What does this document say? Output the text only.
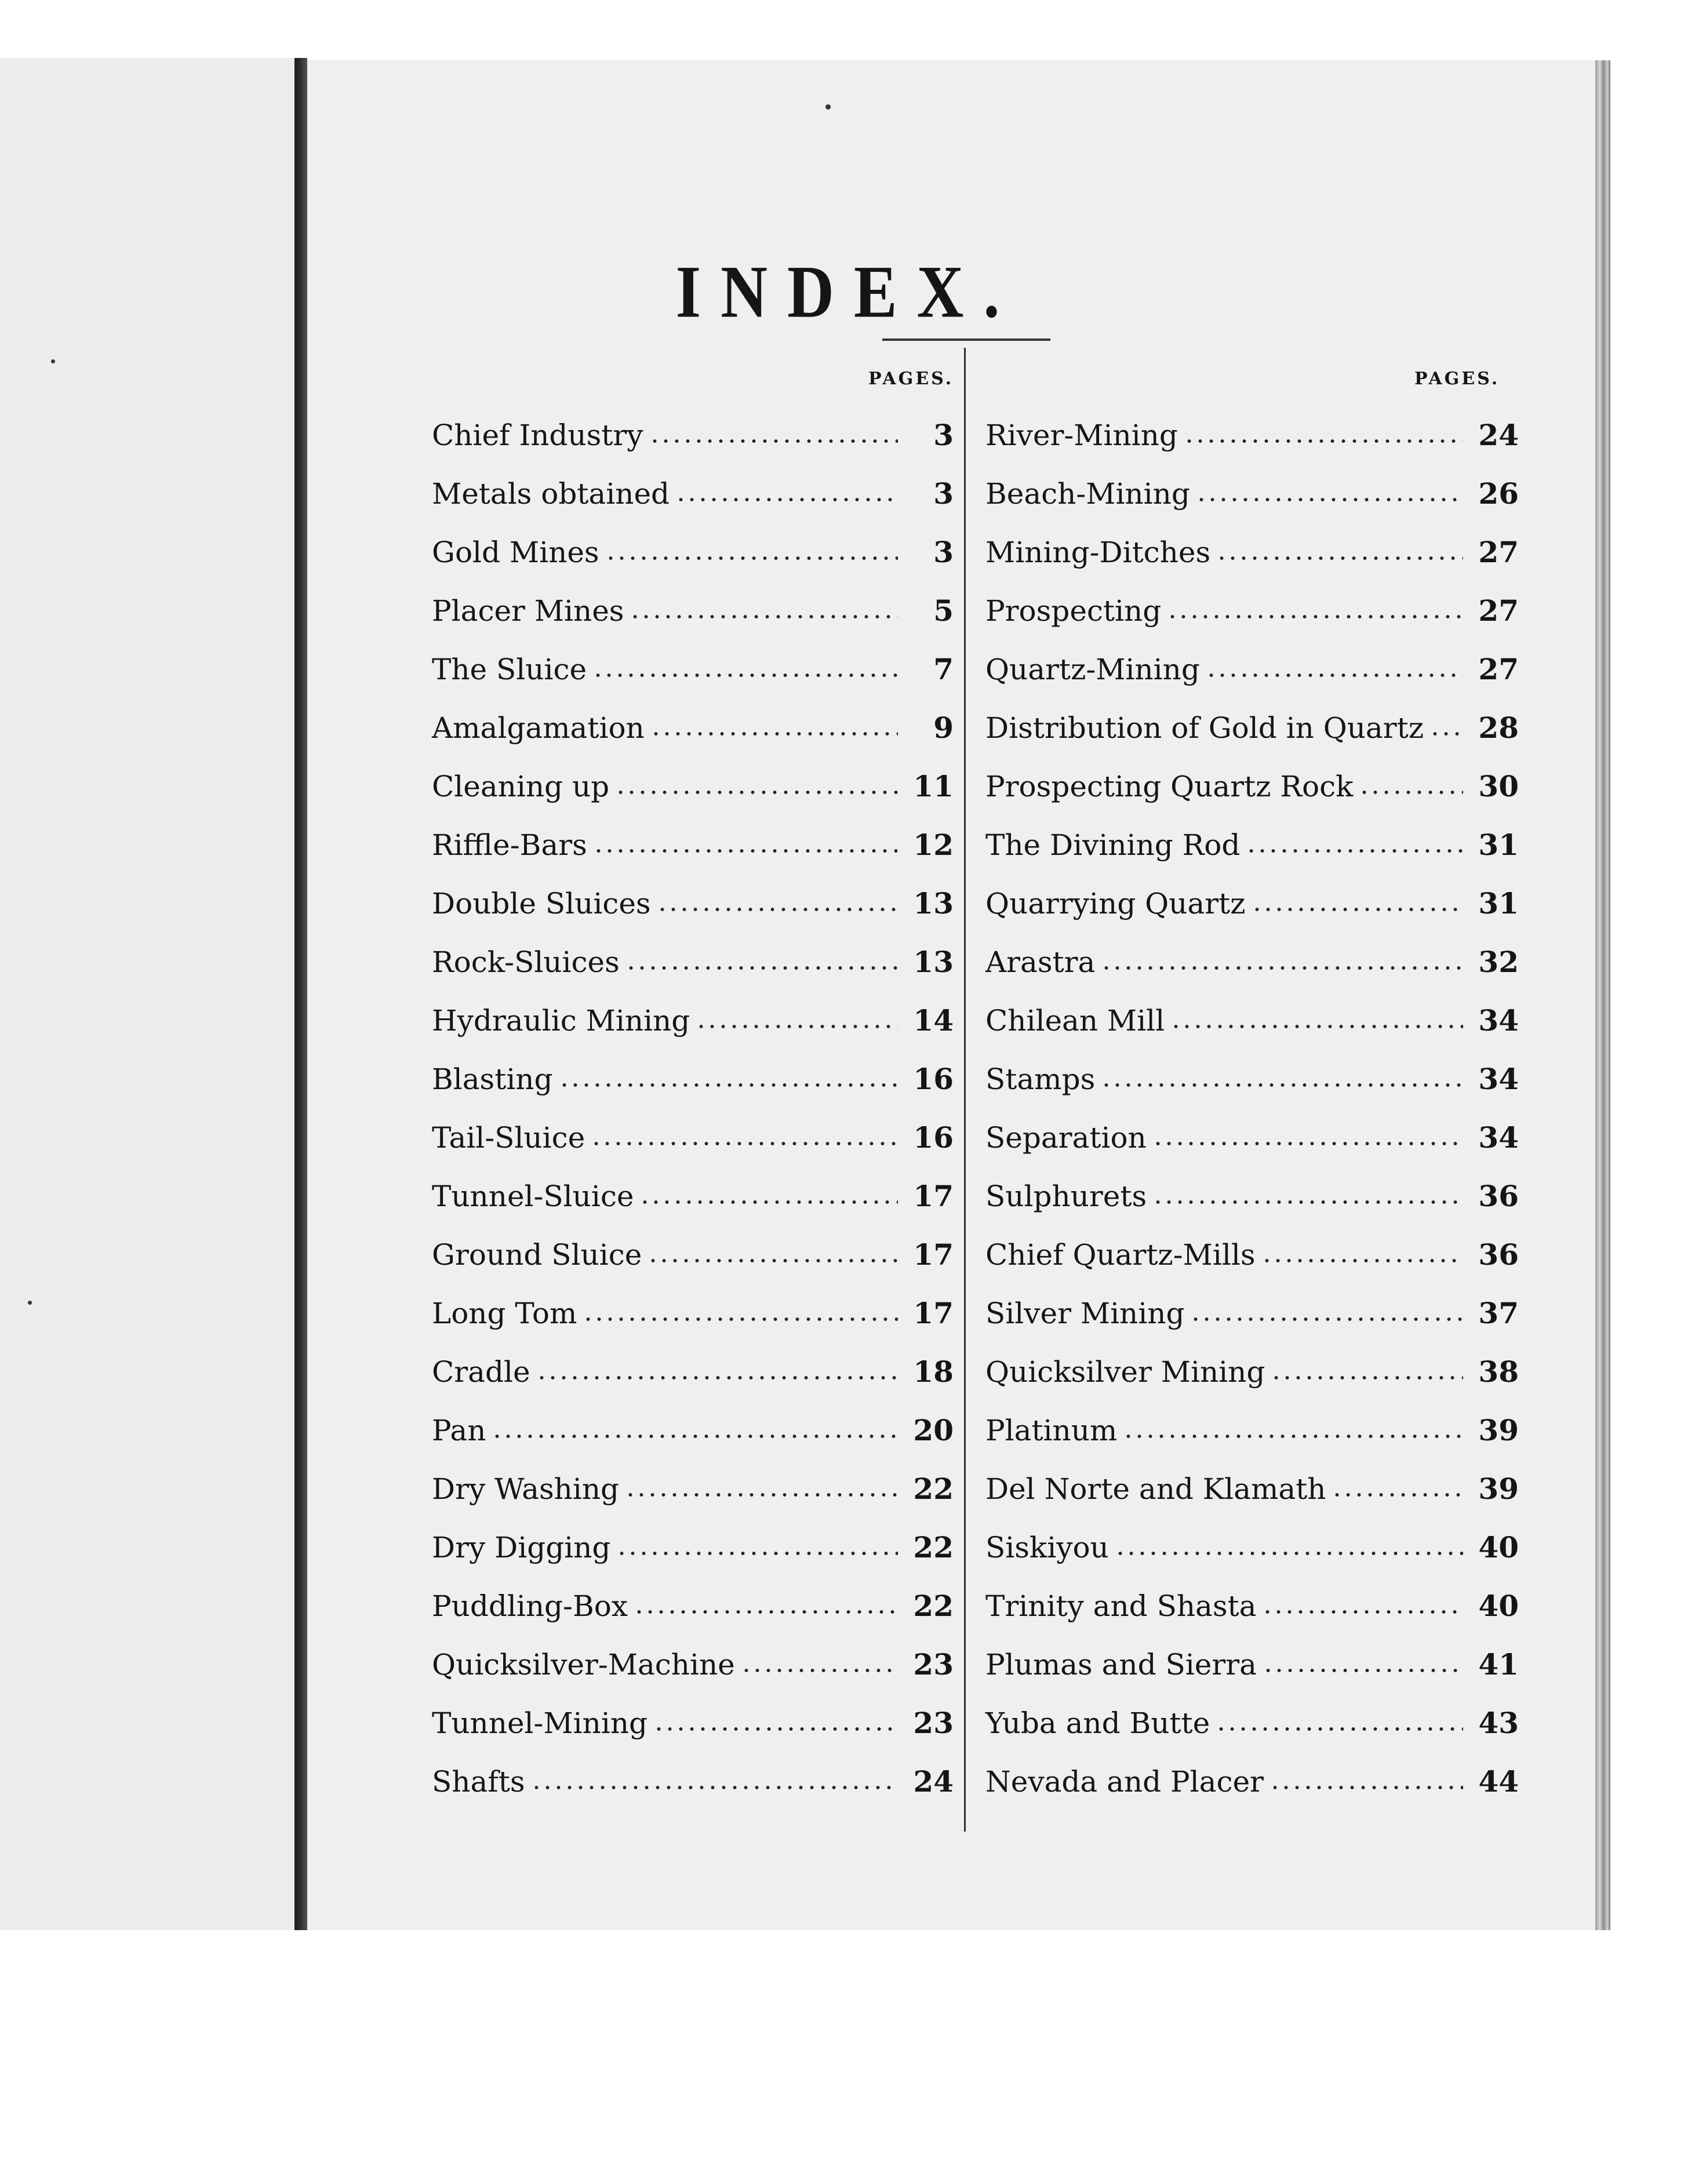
INDEX.
PAGES.	PAGES.
Chief Industry	3
Metals obtained	3
Gold Mines	3
Placer Mines	5
The Sluice	7
Amalgamation	9
Cleaning up	11
Riffle-Bars	12
Double Sluices	13
Rock-Sluices	13
Hydraulic Mining	14
Blasting	16
Tail-Sluice	16
Tunnel-Sluice	17
Ground Sluice	17
Long Tom	17
Cradle	18
Pan	20
Dry Washing	22
Dry Digging	22
Puddling-Box	22
Quicksilver-Machine	23
Tunnel-Mining	23
Shafts	24
River-Mining	24
Beach-Mining	26
Mining-Ditches	27
Prospecting	27
Quartz-Mining	27
Distribution of Gold in Quartz 28
Prospecting Quartz Rock	30
The Divining Rod	31
Quarrying Quartz	31
Arastra	32
Chilean Mill	34
Stamps	34
Separation	34
Sulphurets	36
Chief Quartz-Mills	36
Silver Mining	37
Quicksilver Mining	38
Platinum	39
Del Norte and Klamath	39
Siskiyou	40
Trinity and Shasta	40
Plumas and Sierra	41
Yuba and Butte	43
Nevada and Placer	44
